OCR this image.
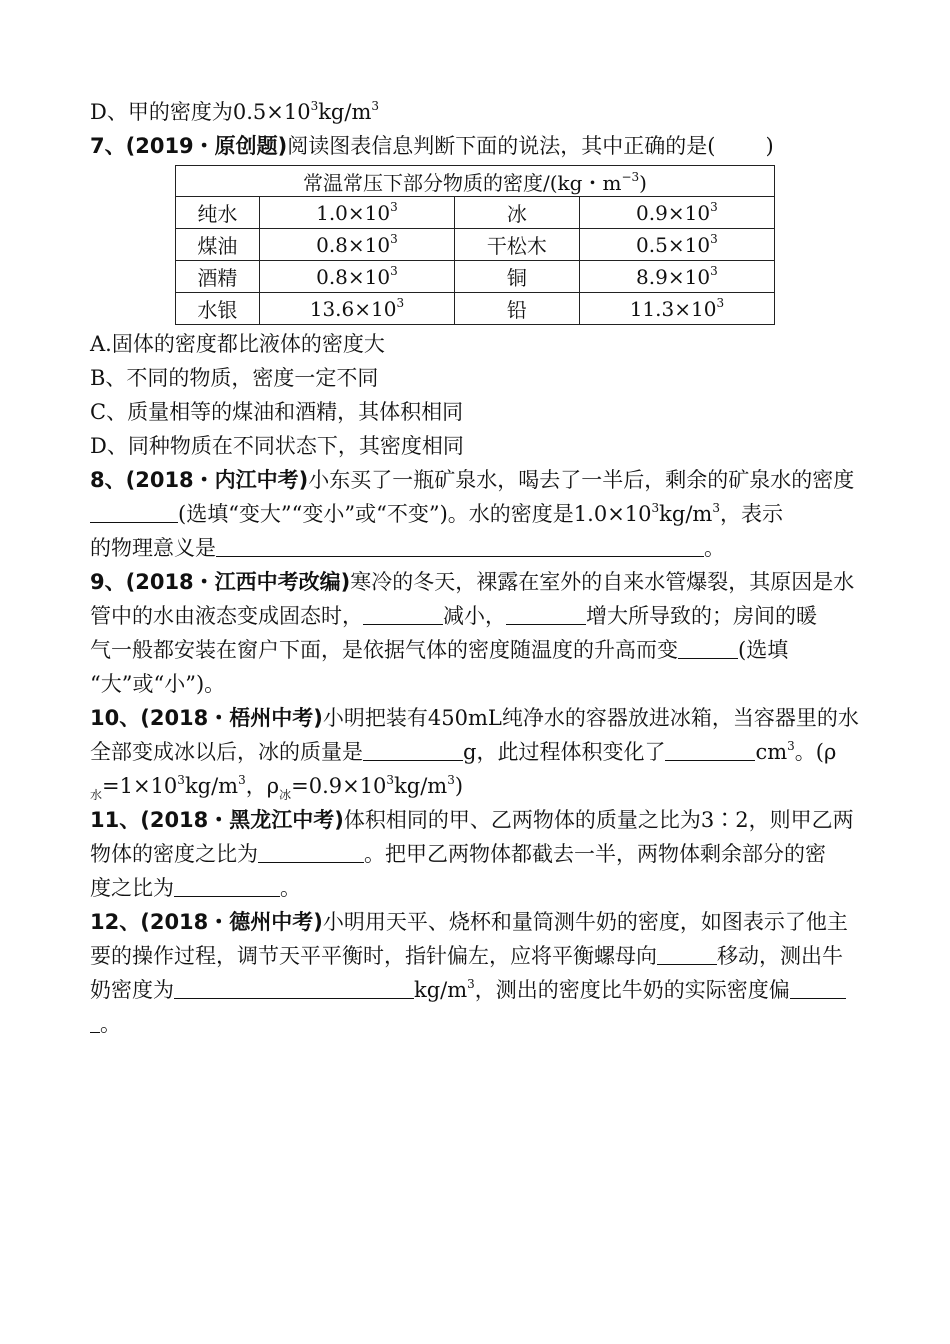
D、甲的密度为$0.5\times 10^3kg/m^3$
7、(2019・原创题)阅读图表信息判断下面的说法，其中正确的是( )
常温常压下部分物质的密度/(kg・$m^{-3}$)			
纯水	$1.0\times 10^3$	冰	$0.9\times 10^3$
煤油	$0.8\times 10^3$	干松木	$0.5\times 10^3$
酒精	$0.8\times 10^3$	铜	$8.9\times 10^3$
水银	$13.6\times 10^3$	铅	$11.3\times 10^3$
A.固体的密度都比液体的密度大
B、不同的物质，密度一定不同
C、质量相等的煤油和酒精，其体积相同
D、同种物质在不同状态下，其密度相同
8、(2018・内江中考)小东买了一瓶矿泉水，喝去了一半后，剩余的矿泉水的密度
(选填“变大”“变小”或“不变”)。水的密度是$1.0\times 10^3kg/m^3$，表示
的物理意义是	。
9、(2018・江西中考改编)寒冷的冬天，裸露在室外的自来水管爆裂，其原因是水
管中的水由液态变成固态时，	减小，	增大所导致的；房间的暖
气一般都安装在窗户下面，是依据气体的密度随温度的升高而变	(选填
“大”或“小”)。
10、(2018・梧州中考)小明把装有450mL纯净水的容器放进冰箱，当容器里的水
全部变成冰以后，冰的质量是	g，此过程体积变化了	$cm^3$。(ρ
$_水=1\times 10^3kg/m^3$，$\rho_冰=0.9\times 10^3kg/m^3$)
11、(2018・黑龙江中考)体积相同的甲、乙两物体的质量之比为3∶2，则甲乙两
物体的密度之比为	。把甲乙两物体都截去一半，两物体剩余部分的密
度之比为	。
12、(2018・德州中考)小明用天平、烧杯和量筒测牛奶的密度，如图表示了他主
要的操作过程，调节天平平衡时，指针偏左，应将平衡螺母向	移动，测出牛
奶密度为	$kg/m^3$，测出的密度比牛奶的实际密度偏
。
